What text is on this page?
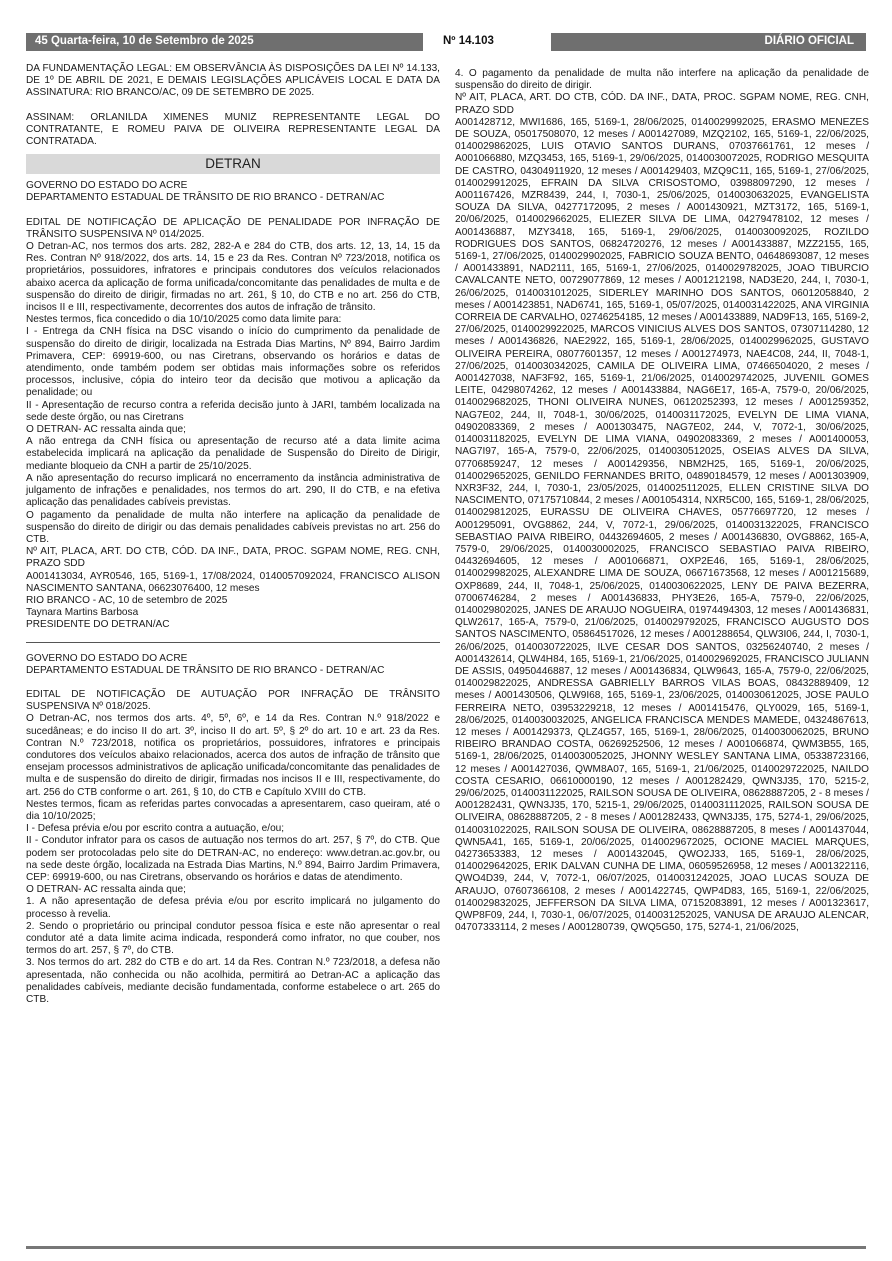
45 Quarta-feira, 10 de Setembro de 2025	Nº 14.103	DIÁRIO OFICIAL

DA FUNDAMENTAÇÃO LEGAL: EM OBSERVÂNCIA ÀS DISPOSIÇÕES DA LEI Nº 14.133, DE 1º DE ABRIL DE 2021, E DEMAIS LEGISLAÇÕES APLICÁVEIS LOCAL E DATA DA ASSINATURA: RIO BRANCO/AC, 09 DE SETEMBRO DE 2025.

ASSINAM: ORLANILDA XIMENES MUNIZ REPRESENTANTE LEGAL DO CONTRATANTE, E ROMEU PAIVA DE OLIVEIRA REPRESENTANTE LEGAL DA CONTRATADA.

DETRAN

GOVERNO DO ESTADO DO ACRE

DEPARTAMENTO ESTADUAL DE TRÂNSITO DE RIO BRANCO - DETRAN/AC

EDITAL DE NOTIFICAÇÃO DE APLICAÇÃO DE PENALIDADE POR INFRAÇÃO DE TRÂNSITO SUSPENSIVA Nº 014/2025.

O Detran-AC, nos termos dos arts. 282, 282-A e 284 do CTB, dos arts. 12, 13, 14, 15 da Res. Contran Nº 918/2022, dos arts. 14, 15 e 23 da Res. Contran Nº 723/2018, notifica os proprietários, possuidores, infratores e principais condutores dos veículos relacionados abaixo acerca da aplicação de forma unificada/concomitante das penalidades de multa e de suspensão do direito de dirigir, firmadas no art. 261, § 10, do CTB e no art. 256 do CTB, incisos II e III, respectivamente, decorrentes dos autos de infração de trânsito.

Nestes termos, fica concedido o dia 10/10/2025 como data limite para:

I - Entrega da CNH física na DSC visando o início do cumprimento da penalidade de suspensão do direito de dirigir, localizada na Estrada Dias Martins, Nº 894, Bairro Jardim Primavera, CEP: 69919-600, ou nas Ciretrans, observando os horários e datas de atendimento, onde também podem ser obtidas mais informações sobre os referidos processos, inclusive, cópia do inteiro teor da decisão que motivou a aplicação da penalidade; ou

II - Apresentação de recurso contra a referida decisão junto à JARI, também localizada na sede deste órgão, ou nas Ciretrans

O DETRAN- AC ressalta ainda que;

A não entrega da CNH física ou apresentação de recurso até a data limite acima estabelecida implicará na aplicação da penalidade de Suspensão do Direito de Dirigir, mediante bloqueio da CNH a partir de 25/10/2025.

A não apresentação do recurso implicará no encerramento da instância administrativa de julgamento de infrações e penalidades, nos termos do art. 290, II do CTB, e na efetiva aplicação das penalidades cabíveis previstas.

O pagamento da penalidade de multa não interfere na aplicação da penalidade de suspensão do direito de dirigir ou das demais penalidades cabíveis previstas no art. 256 do CTB.

Nº AIT, PLACA, ART. DO CTB, CÓD. DA INF., DATA, PROC. SGPAM NOME, REG. CNH, PRAZO SDD

A001413034, AYR0546, 165, 5169-1, 17/08/2024, 0140057092024, FRANCISCO ALISON NASCIMENTO SANTANA, 06623076400, 12 meses

RIO BRANCO - AC, 10 de setembro de 2025

Taynara Martins Barbosa

PRESIDENTE DO DETRAN/AC

GOVERNO DO ESTADO DO ACRE

DEPARTAMENTO ESTADUAL DE TRÂNSITO DE RIO BRANCO - DETRAN/AC

EDITAL DE NOTIFICAÇÃO DE AUTUAÇÃO POR INFRAÇÃO DE TRÂNSITO SUSPENSIVA Nº 018/2025.

O Detran-AC, nos termos dos arts. 4º, 5º, 6º, e 14 da Res. Contran N.º 918/2022 e sucedâneas; e do inciso II do art. 3º, inciso II do art. 5º, § 2º do art. 10 e art. 23 da Res. Contran N.º 723/2018, notifica os proprietários, possuidores, infratores e principais condutores dos veículos abaixo relacionados, acerca dos autos de infração de trânsito que ensejam processos administrativos de aplicação unificada/concomitante das penalidades de multa e de suspensão do direito de dirigir, firmadas nos incisos II e III, respectivamente, do art. 256 do CTB conforme o art. 261, § 10, do CTB e Capítulo XVIII do CTB.

Nestes termos, ficam as referidas partes convocadas a apresentarem, caso queiram, até o dia 10/10/2025;

I - Defesa prévia e/ou por escrito contra a autuação, e/ou;

II - Condutor infrator para os casos de autuação nos termos do art. 257, § 7º, do CTB. Que podem ser protocoladas pelo site do DETRAN-AC, no endereço: www.detran.ac.gov.br, ou na sede deste órgão, localizada na Estrada Dias Martins, N.º 894, Bairro Jardim Primavera, CEP: 69919-600, ou nas Ciretrans, observando os horários e datas de atendimento.

O DETRAN- AC ressalta ainda que;

1. A não apresentação de defesa prévia e/ou por escrito implicará no julgamento do processo à revelia.

2. Sendo o proprietário ou principal condutor pessoa física e este não apresentar o real condutor até a data limite acima indicada, responderá como infrator, no que couber, nos termos do art. 257, § 7º, do CTB.

3. Nos termos do art. 282 do CTB e do art. 14 da Res. Contran N.º 723/2018, a defesa não apresentada, não conhecida ou não acolhida, permitirá ao Detran-AC a aplicação das penalidades cabíveis, mediante decisão fundamentada, conforme estabelece o art. 265 do CTB.

4. O pagamento da penalidade de multa não interfere na aplicação da penalidade de suspensão do direito de dirigir.

Nº AIT, PLACA, ART. DO CTB, CÓD. DA INF., DATA, PROC. SGPAM NOME, REG. CNH, PRAZO SDD

A001428712, MWI1686, 165, 5169-1, 28/06/2025, 0140029992025, ERASMO MENEZES DE SOUZA, 05017508070, 12 meses / A001427089, MZQ2102, 165, 5169-1, 22/06/2025, 0140029862025, LUIS OTAVIO SANTOS DURANS, 07037661761, 12 meses / A001066880, MZQ3453, 165, 5169-1, 29/06/2025, 0140030072025, RODRIGO MESQUITA DE CASTRO, 04304911920, 12 meses / A001429403, MZQ9C11, 165, 5169-1, 27/06/2025, 0140029912025, EFRAIN DA SILVA CRISOSTOMO, 03988097290, 12 meses / A001167426, MZR8439, 244, I, 7030-1, 25/06/2025, 0140030632025, EVANGELISTA SOUZA DA SILVA, 04277172095, 2 meses / A001430921, MZT3172, 165, 5169-1, 20/06/2025, 0140029662025, ELIEZER SILVA DE LIMA, 04279478102, 12 meses / A001436887, MZY3418, 165, 5169-1, 29/06/2025, 0140030092025, ROZILDO RODRIGUES DOS SANTOS, 06824720276, 12 meses / A001433887, MZZ2155, 165, 5169-1, 27/06/2025, 0140029902025, FABRICIO SOUZA BENTO, 04648693087, 12 meses / A001433891, NAD2111, 165, 5169-1, 27/06/2025, 0140029782025, JOAO TIBURCIO CAVALCANTE NETO, 00729077869, 12 meses / A001212198, NAD3E20, 244, I, 7030-1, 26/06/2025, 0140031012025, SIDERLEY MARINHO DOS SANTOS, 06012058840, 2 meses / A001423851, NAD6741, 165, 5169-1, 05/07/2025, 0140031422025, ANA VIRGINIA CORREIA DE CARVALHO, 02746254185, 12 meses / A001433889, NAD9F13, 165, 5169-2, 27/06/2025, 0140029922025, MARCOS VINICIUS ALVES DOS SANTOS, 07307114280, 12 meses / A001436826, NAE2922, 165, 5169-1, 28/06/2025, 0140029962025, GUSTAVO OLIVEIRA PEREIRA, 08077601357, 12 meses / A001274973, NAE4C08, 244, II, 7048-1, 27/06/2025, 0140030342025, CAMILA DE OLIVEIRA LIMA, 07466504020, 2 meses / A001427038, NAF3F92, 165, 5169-1, 21/06/2025, 0140029742025, JUVENIL GOMES LEITE, 04298074262, 12 meses / A001433884, NAG6E17, 165-A, 7579-0, 20/06/2025, 0140029682025, THONI OLIVEIRA NUNES, 06120252393, 12 meses / A001259352, NAG7E02, 244, II, 7048-1, 30/06/2025, 0140031172025, EVELYN DE LIMA VIANA, 04902083369, 2 meses / A001303475, NAG7E02, 244, V, 7072-1, 30/06/2025, 0140031182025, EVELYN DE LIMA VIANA, 04902083369, 2 meses / A001400053, NAG7I97, 165-A, 7579-0, 22/06/2025, 0140030512025, OSEIAS ALVES DA SILVA, 07706859247, 12 meses / A001429356, NBM2H25, 165, 5169-1, 20/06/2025, 0140029652025, GENILDO FERNANDES BRITO, 04890184579, 12 meses / A001303909, NXR3F32, 244, I, 7030-1, 23/05/2025, 0140025112025, ELLEN CRISTINE SILVA DO NASCIMENTO, 07175710844, 2 meses / A001054314, NXR5C00, 165, 5169-1, 28/06/2025, 0140029812025, EURASSU DE OLIVEIRA CHAVES, 05776697720, 12 meses / A001295091, OVG8862, 244, V, 7072-1, 29/06/2025, 0140031322025, FRANCISCO SEBASTIAO PAIVA RIBEIRO, 04432694605, 2 meses / A001436830, OVG8862, 165-A, 7579-0, 29/06/2025, 0140030002025, FRANCISCO SEBASTIAO PAIVA RIBEIRO, 04432694605, 12 meses / A001066871, OXP2E46, 165, 5169-1, 28/06/2025, 0140029982025, ALEXANDRE LIMA DE SOUZA, 06671673568, 12 meses / A001215689, OXP8689, 244, II, 7048-1, 25/06/2025, 0140030622025, LENY DE PAIVA BEZERRA, 07006746284, 2 meses / A001436833, PHY3E26, 165-A, 7579-0, 22/06/2025, 0140029802025, JANES DE ARAUJO NOGUEIRA, 01974494303, 12 meses / A001436831, QLW2617, 165-A, 7579-0, 21/06/2025, 0140029792025, FRANCISCO AUGUSTO DOS SANTOS NASCIMENTO, 05864517026, 12 meses / A001288654, QLW3I06, 244, I, 7030-1, 26/06/2025, 0140030722025, ILVE CESAR DOS SANTOS, 03256240740, 2 meses / A001432614, QLW4H84, 165, 5169-1, 21/06/2025, 0140029692025, FRANCISCO JULIANN DE ASSIS, 04950446887, 12 meses / A001436834, QLW9643, 165-A, 7579-0, 22/06/2025, 0140029822025, ANDRESSA GABRIELLY BARROS VILAS BOAS, 08432889409, 12 meses / A001430506, QLW9I68, 165, 5169-1, 23/06/2025, 0140030612025, JOSE PAULO FERREIRA NETO, 03953229218, 12 meses / A001415476, QLY0029, 165, 5169-1, 28/06/2025, 0140030032025, ANGELICA FRANCISCA MENDES MAMEDE, 04324867613, 12 meses / A001429373, QLZ4G57, 165, 5169-1, 28/06/2025, 0140030062025, BRUNO RIBEIRO BRANDAO COSTA, 06269252506, 12 meses / A001066874, QWM3B55, 165, 5169-1, 28/06/2025, 0140030052025, JHONNY WESLEY SANTANA LIMA, 05338723166, 12 meses / A001427036, QWM8A07, 165, 5169-1, 21/06/2025, 0140029722025, NAILDO COSTA CESARIO, 06610000190, 12 meses / A001282429, QWN3J35, 170, 5215-2, 29/06/2025, 0140031122025, RAILSON SOUSA DE OLIVEIRA, 08628887205, 2 - 8 meses / A001282431, QWN3J35, 170, 5215-1, 29/06/2025, 0140031112025, RAILSON SOUSA DE OLIVEIRA, 08628887205, 2 - 8 meses / A001282433, QWN3J35, 175, 5274-1, 29/06/2025, 0140031022025, RAILSON SOUSA DE OLIVEIRA, 08628887205, 8 meses / A001437044, QWN5A41, 165, 5169-1, 20/06/2025, 0140029672025, OCIONE MACIEL MARQUES, 04273653383, 12 meses / A001432045, QWO2J33, 165, 5169-1, 28/06/2025, 0140029642025, ERIK DALVAN CUNHA DE LIMA, 06059526958, 12 meses / A001322116, QWO4D39, 244, V, 7072-1, 06/07/2025, 0140031242025, JOAO LUCAS SOUZA DE ARAUJO, 07607366108, 2 meses / A001422745, QWP4D83, 165, 5169-1, 22/06/2025, 0140029832025, JEFFERSON DA SILVA LIMA, 07152083891, 12 meses / A001323617, QWP8F09, 244, I, 7030-1, 06/07/2025, 0140031252025, VANUSA DE ARAUJO ALENCAR, 04707333114, 2 meses / A001280739, QWQ5G50, 175, 5274-1, 21/06/2025,
